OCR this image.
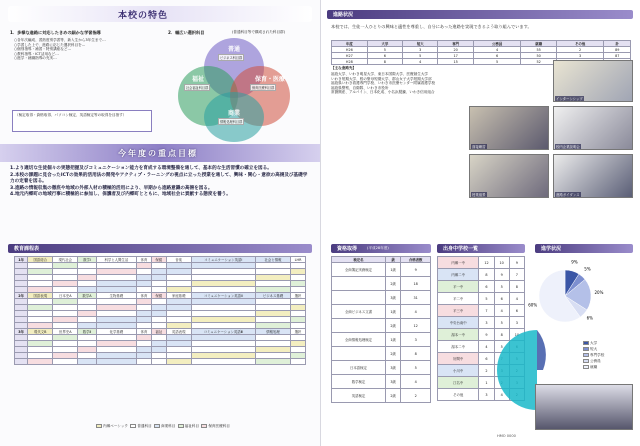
本校の特色
1．多様な進路に対応したきめの細かな学習指導	2．幅広い選択科目	(普通科目等で構成された科目群)
○各年次編成、習熟度別学習等、新入生から3年生まで…
○学習した上で、進路に応じた選択科目を…
○個別指導・補習・特別講座など…
○教科指導・ICT活用など…
○進学・就職指導の充実…
（検定取得・資格取得、パソコン検定、英語検定等の取得を目指す）
普通
福祉	保育・医療
商業
ビジネス科目群
社会福祉科目群	保育医療科目群
情報処理科目群
今年度の重点目標
1.より適切な生徒個々の実態把握及びコミュニケーション能力を育成する環境整備を通して、基本的な生活習慣の確立を図る。
2.本校の課題に見合ったICTの効果的活用法の開発やアクティブ・ラーニングの視点に立った授業を通して、興味・関心・意欲の高揚及び基礎学力の定着を図る。
3.進路の情報収集の徹底や地域の外部人材の積極的活用により、早期から進路意識の高揚を図る。
4.地元内郷町の地域行事に積極的に参加し、保護者及び内郷町とともに、地域社会に貢献する態度を養う。
教育課程表
1年	国語総合	現代社会	数学Ⅰ	科学と人間生活	体育	保健	音楽	コミュニケーション英語Ⅰ	社会と情報	LHR

2年	国語表現	日本史A	数学A	生物基礎	体育	保健	家庭基礎	コミュニケーション英語Ⅱ	ビジネス基礎	選択

3年	現代文B	世界史A	数学Ⅱ	化学基礎	体育	福祉	英語表現	コミュニケーション英語Ⅲ	情報処理	選択

内郷ベーシック	普通科目	商業科目	福祉科目	保育医療科目
進路状況
本校では、生徒一人ひとりの興味と適性を尊重し、自分にあった進路を実現できるよう取り組んでいます。
年度	大学	短大	専門	公務員	就職	その他	計
H26	5	3	20	4	55	2	89
H27	6	5	17	6	50	3	87
H28	8	4	15	5	52		
【主な進路先】
福島大学、いわき明星大学、東日本国際大学、医療創生大学
いわき短期大学、桜の聖母短期大学、郡山女子大学短期大学部
福島県いわき看護専門学校、いわき市医療センター附属看護学校
福島県警察、自衛隊、いわき市役所
常磐興産、アルパイン、日本化成、小名浜製錬、いわき信用組合
インターンシップ
面接練習	校内企業説明会
授業風景	進路ガイダンス
資格取得	(平成28年度)
検定名	級	合格者数
全商簿記実務検定	1級	9
	2級	18
	3級	31
全商ビジネス文書	1級	4
	2級	12
全商情報処理検定	1級	3
	2級	8
日本語検定	3級	5
数学検定	3級	4
英語検定	2級	2
出身中学校一覧
内郷一中	12	10	9
内郷二中	8	9	7
平一中	6	5	8
平二中	5	6	4
平三中	7	4	6
中央台南中	3	5	3
湯本一中	9	8	10
湯本二中	4	5	
好間中	6		
小川中	2		
江名中	1		
その他	3	4	
進学状況
9%
5%
20%
6%
60%
大学
短大
専門学校
公務員
就職
HMO 0000
